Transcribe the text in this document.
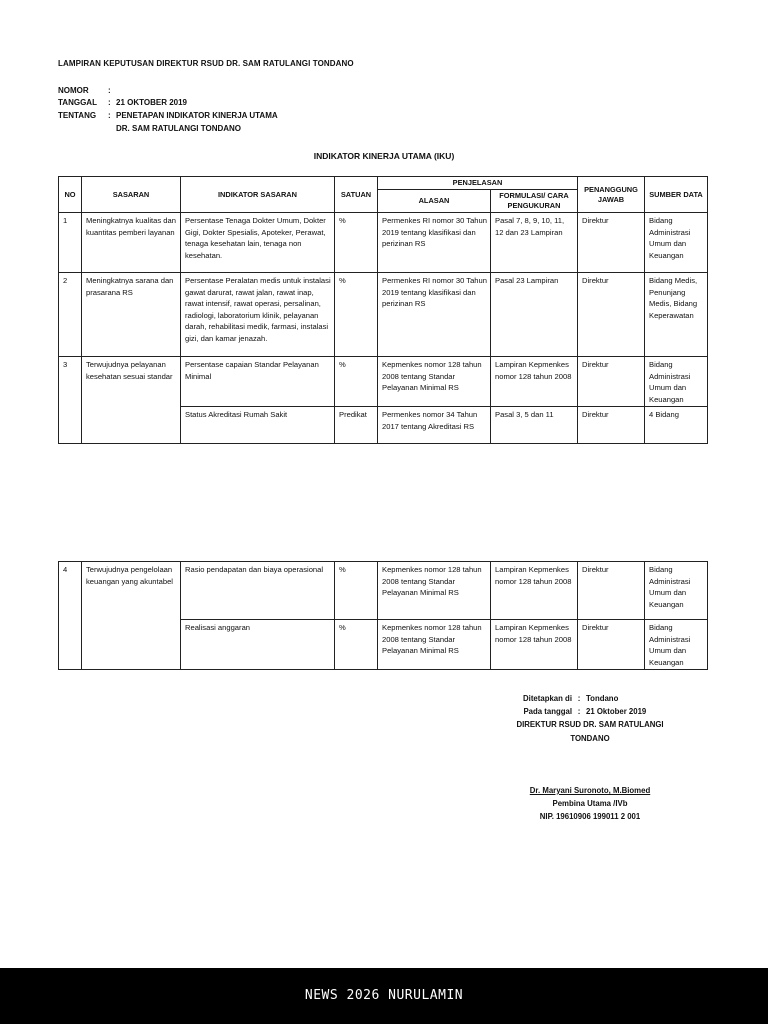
LAMPIRAN KEPUTUSAN DIREKTUR RSUD DR. SAM RATULANGI TONDANO
NOMOR :
TANGGAL : 21 OKTOBER 2019
TENTANG : PENETAPAN INDIKATOR KINERJA UTAMA
DR. SAM RATULANGI TONDANO
INDIKATOR KINERJA UTAMA (IKU)
NO	SASARAN	INDIKATOR SASARAN	SATUAN	PENJELASAN		PENANGGUNG JAWAB	SUMBER DATA
				ALASAN	FORMULASI/ CARA PENGUKURAN		
1	Meningkatnya kualitas dan kuantitas pemberi layanan	Persentase Tenaga Dokter Umum, Dokter Gigi, Dokter Spesialis, Apoteker, Perawat, tenaga kesehatan lain, tenaga non kesehatan.	%	Permenkes RI nomor 30 Tahun 2019 tentang klasifikasi dan perizinan RS	Pasal 7, 8, 9, 10, 11, 12 dan 23 Lampiran	Direktur	Bidang Administrasi Umum dan Keuangan
2	Meningkatnya sarana dan prasarana RS	Persentase Peralatan medis untuk instalasi gawat darurat, rawat jalan, rawat inap, rawat intensif, rawat operasi, persalinan, radiologi, laboratorium klinik, pelayanan darah, rehabilitasi medik, farmasi, instalasi gizi, dan kamar jenazah.	%	Permenkes RI nomor 30 Tahun 2019 tentang klasifikasi dan perizinan RS	Pasal 23 Lampiran	Direktur	Bidang Medis, Penunjang Medis, Bidang Keperawatan
3	Terwujudnya pelayanan kesehatan sesuai standar	Persentase capaian Standar Pelayanan Minimal	%	Kepmenkes nomor 128 tahun 2008 tentang Standar Pelayanan Minimal RS	Lampiran Kepmenkes nomor 128 tahun 2008	Direktur	Bidang Administrasi Umum dan Keuangan
		Status Akreditasi Rumah Sakit	Predikat	Permenkes nomor 34 Tahun 2017 tentang Akreditasi RS	Pasal 3, 5 dan 11	Direktur	4 Bidang
4	Terwujudnya pengelolaan keuangan yang akuntabel	Rasio pendapatan dan biaya operasional	%	Kepmenkes nomor 128 tahun 2008 tentang Standar Pelayanan Minimal RS	Lampiran Kepmenkes nomor 128 tahun 2008	Direktur	Bidang Administrasi Umum dan Keuangan
		Realisasi anggaran	%	Kepmenkes nomor 128 tahun 2008 tentang Standar Pelayanan Minimal RS	Lampiran Kepmenkes nomor 128 tahun 2008	Direktur	Bidang Administrasi Umum dan Keuangan
Ditetapkan di : Tondano
Pada tanggal : 21 Oktober 2019
DIREKTUR RSUD DR. SAM RATULANGI
TONDANO
Dr. Maryani Suronoto, M.Biomed
Pembina Utama /IVb
NIP. 19610906 199011 2 001
NEWS 2026 NURULAMIN
